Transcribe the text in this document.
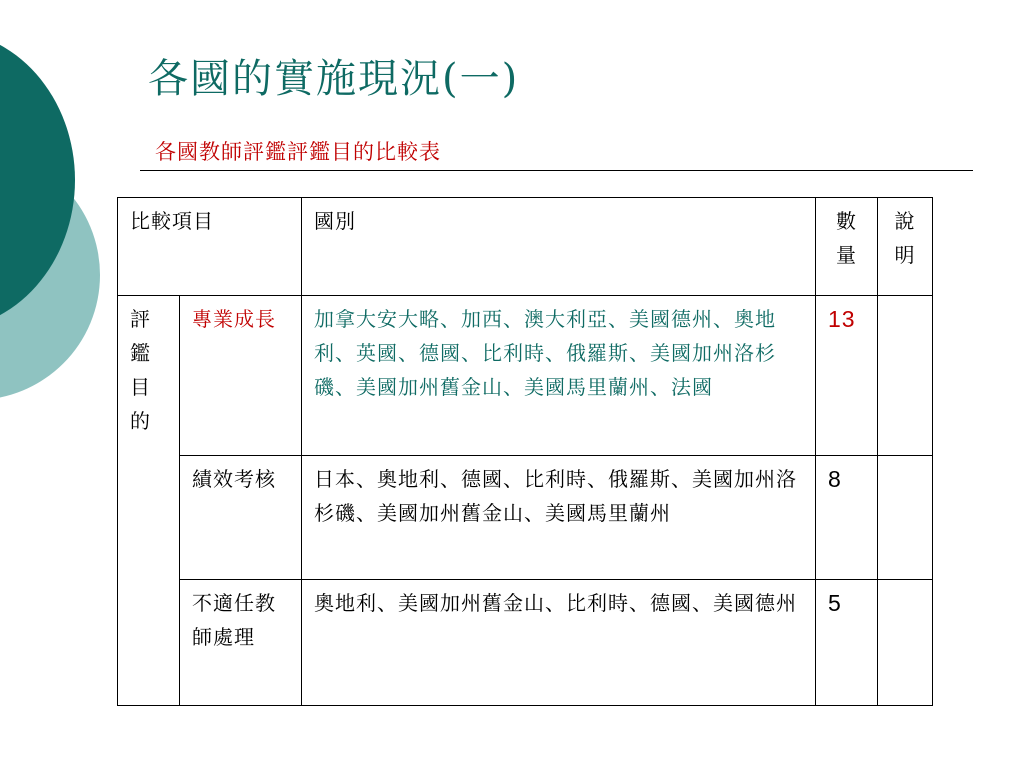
各國的實施現況(一)
各國教師評鑑評鑑目的比較表
比較項目		國別	數量	說明
評鑑目的	專業成長	加拿大安大略、加西、澳大利亞、美國德州、奧地利、英國、德國、比利時、俄羅斯、美國加州洛杉磯、美國加州舊金山、美國馬里蘭州、法國	13	
	績效考核	日本、奧地利、德國、比利時、俄羅斯、美國加州洛杉磯、美國加州舊金山、美國馬里蘭州	8	
	不適任教師處理	奧地利、美國加州舊金山、比利時、德國、美國德州	5	
